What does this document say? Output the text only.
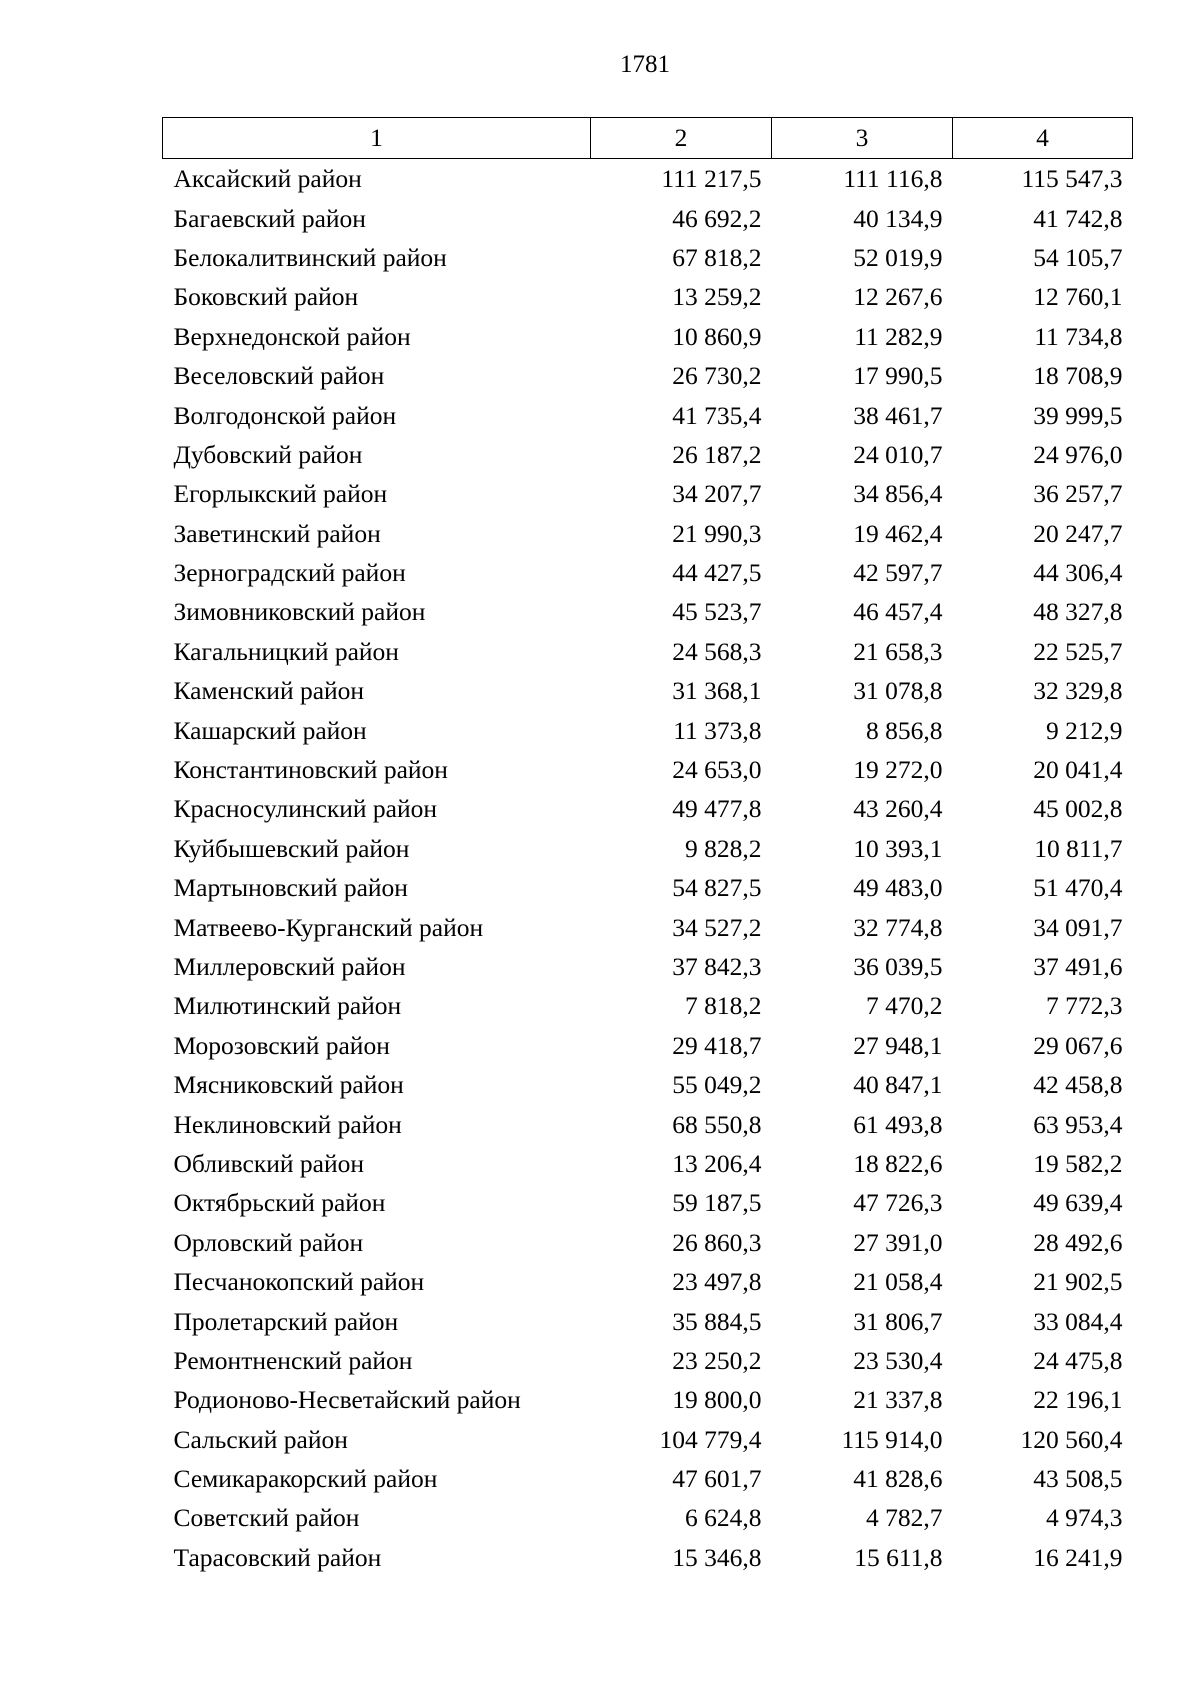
1781
1	2	3	4
Аксайский район	111 217,5	111 116,8	115 547,3
Багаевский район	46 692,2	40 134,9	41 742,8
Белокалитвинский район	67 818,2	52 019,9	54 105,7
Боковский район	13 259,2	12 267,6	12 760,1
Верхнедонской район	10 860,9	11 282,9	11 734,8
Веселовский район	26 730,2	17 990,5	18 708,9
Волгодонской район	41 735,4	38 461,7	39 999,5
Дубовский район	26 187,2	24 010,7	24 976,0
Егорлыкский район	34 207,7	34 856,4	36 257,7
Заветинский район	21 990,3	19 462,4	20 247,7
Зерноградский район	44 427,5	42 597,7	44 306,4
Зимовниковский район	45 523,7	46 457,4	48 327,8
Кагальницкий район	24 568,3	21 658,3	22 525,7
Каменский район	31 368,1	31 078,8	32 329,8
Кашарский район	11 373,8	8 856,8	9 212,9
Константиновский район	24 653,0	19 272,0	20 041,4
Красносулинский район	49 477,8	43 260,4	45 002,8
Куйбышевский район	9 828,2	10 393,1	10 811,7
Мартыновский район	54 827,5	49 483,0	51 470,4
Матвеево-Курганский район	34 527,2	32 774,8	34 091,7
Миллеровский район	37 842,3	36 039,5	37 491,6
Милютинский район	7 818,2	7 470,2	7 772,3
Морозовский район	29 418,7	27 948,1	29 067,6
Мясниковский район	55 049,2	40 847,1	42 458,8
Неклиновский район	68 550,8	61 493,8	63 953,4
Обливский район	13 206,4	18 822,6	19 582,2
Октябрьский район	59 187,5	47 726,3	49 639,4
Орловский район	26 860,3	27 391,0	28 492,6
Песчанокопский район	23 497,8	21 058,4	21 902,5
Пролетарский район	35 884,5	31 806,7	33 084,4
Ремонтненский район	23 250,2	23 530,4	24 475,8
Родионово-Несветайский район	19 800,0	21 337,8	22 196,1
Сальский район	104 779,4	115 914,0	120 560,4
Семикаракорский район	47 601,7	41 828,6	43 508,5
Советский район	6 624,8	4 782,7	4 974,3
Тарасовский район	15 346,8	15 611,8	16 241,9
